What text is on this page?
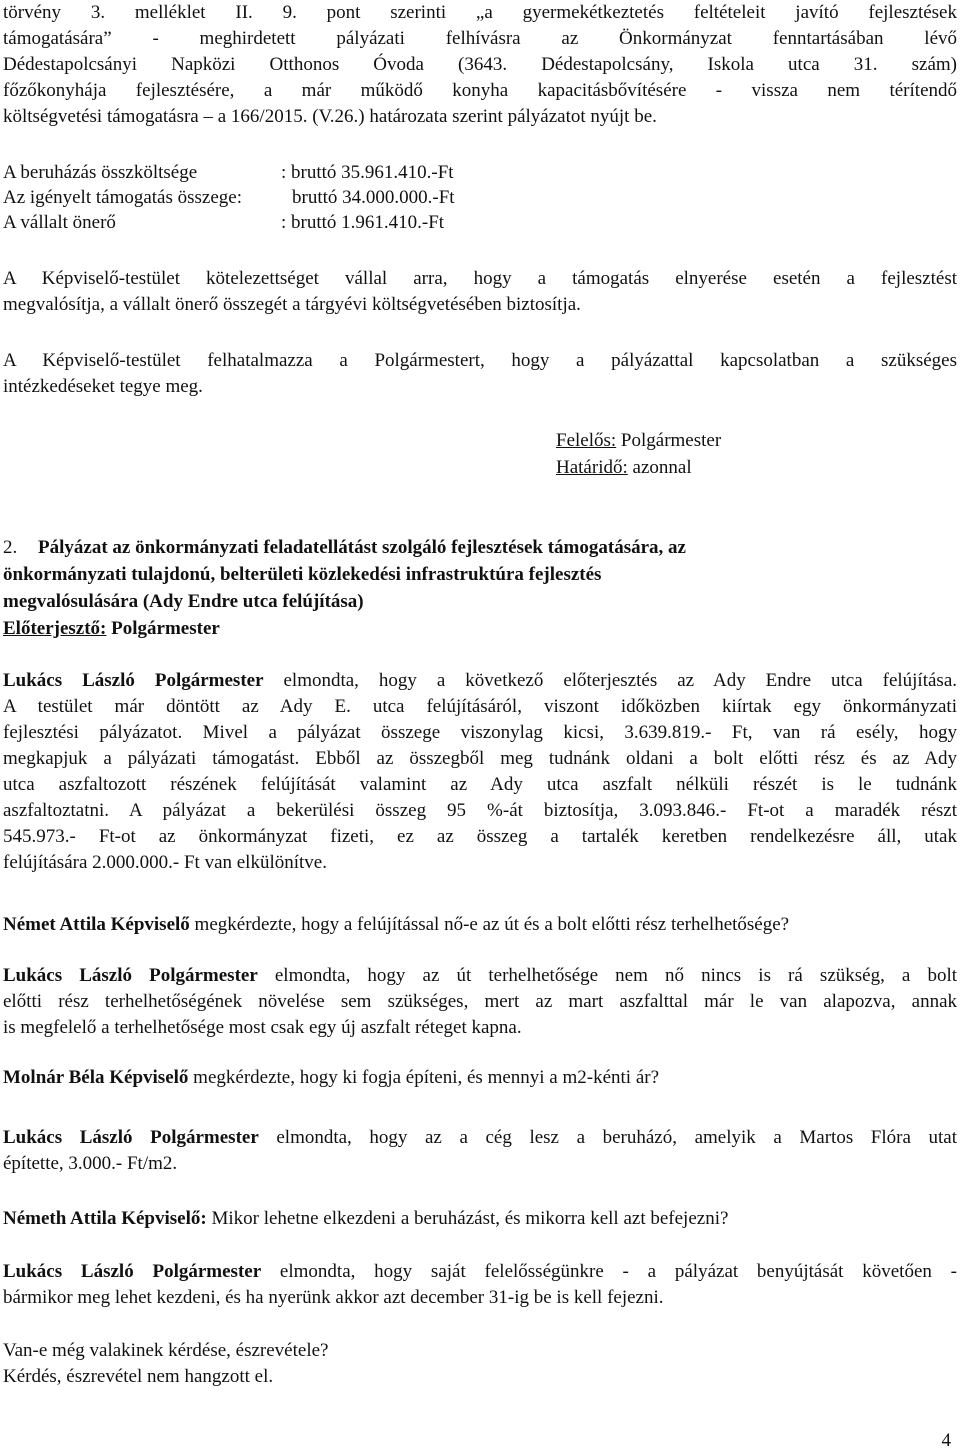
törvény 3. melléklet II. 9. pont szerinti „a gyermekétkeztetés feltételeit javító fejlesztések

támogatására” - meghirdetett pályázati felhívásra az Önkormányzat fenntartásában lévő

Dédestapolcsányi Napközi Otthonos Óvoda (3643. Dédestapolcsány, Iskola utca 31. szám)

főzőkonyhája fejlesztésére, a már működő konyha kapacitásbővítésére - vissza nem térítendő

költségvetési támogatásra – a 166/2015. (V.26.) határozata szerint pályázatot nyújt be.

A beruházás összköltsége	: bruttó 35.961.410.-Ft
Az igényelt támogatás összege:	bruttó 34.000.000.-Ft
A vállalt önerő	: bruttó 1.961.410.-Ft

A Képviselő-testület kötelezettséget vállal arra, hogy a támogatás elnyerése esetén a fejlesztést

megvalósítja, a vállalt önerő összegét a tárgyévi költségvetésében biztosítja.

A Képviselő-testület felhatalmazza a Polgármestert, hogy a pályázattal kapcsolatban a szükséges

intézkedéseket tegye meg.

Felelős: Polgármester
Határidő: azonnal
2. Pályázat az önkormányzati feladatellátást szolgáló fejlesztések támogatására, az
önkormányzati tulajdonú, belterületi közlekedési infrastruktúra fejlesztés
megvalósulására (Ady Endre utca felújítása)
Előterjesztő: Polgármester

Lukács László Polgármester elmondta, hogy a következő előterjesztés az Ady Endre utca felújítása.

A testület már döntött az Ady E. utca felújításáról, viszont időközben kiírtak egy önkormányzati

fejlesztési pályázatot. Mivel a pályázat összege viszonylag kicsi, 3.639.819.- Ft, van rá esély, hogy

megkapjuk a pályázati támogatást. Ebből az összegből meg tudnánk oldani a bolt előtti rész és az Ady

utca aszfaltozott részének felújítását valamint az Ady utca aszfalt nélküli részét is le tudnánk

aszfaltoztatni. A pályázat a bekerülési összeg 95 %-át biztosítja, 3.093.846.- Ft-ot a maradék részt

545.973.- Ft-ot az önkormányzat fizeti, ez az összeg a tartalék keretben rendelkezésre áll, utak

felújítására 2.000.000.- Ft van elkülönítve.

Német Attila Képviselő megkérdezte, hogy a felújítással nő-e az út és a bolt előtti rész terhelhetősége?

Lukács László Polgármester elmondta, hogy az út terhelhetősége nem nő nincs is rá szükség, a bolt

előtti rész terhelhetőségének növelése sem szükséges, mert az mart aszfalttal már le van alapozva, annak

is megfelelő a terhelhetősége most csak egy új aszfalt réteget kapna.

Molnár Béla Képviselő megkérdezte, hogy ki fogja építeni, és mennyi a m2-kénti ár?

Lukács László Polgármester elmondta, hogy az a cég lesz a beruházó, amelyik a Martos Flóra utat

építette, 3.000.- Ft/m2.

Németh Attila Képviselő: Mikor lehetne elkezdeni a beruházást, és mikorra kell azt befejezni?

Lukács László Polgármester elmondta, hogy saját felelősségünkre - a pályázat benyújtását követően -

bármikor meg lehet kezdeni, és ha nyerünk akkor azt december 31-ig be is kell fejezni.

Van-e még valakinek kérdése, észrevétele?

Kérdés, észrevétel nem hangzott el.

4
